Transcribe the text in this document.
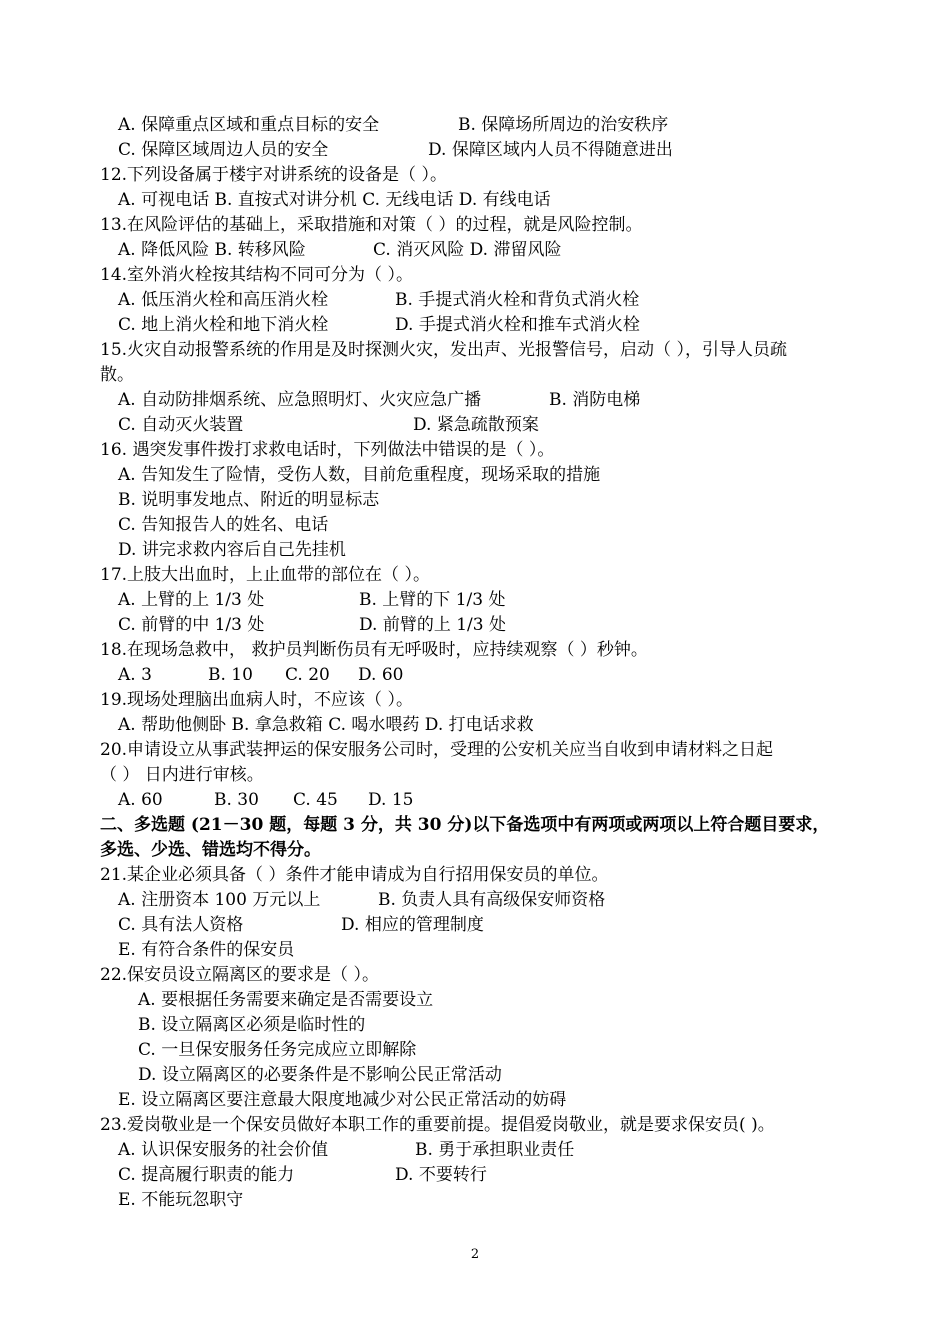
A. 保障重点区域和重点目标的安全	B. 保障场所周边的治安秩序
C. 保障区域周边人员的安全	D. 保障区域内人员不得随意进出
12.下列设备属于楼宇对讲系统的设备是（ ）。
A. 可视电话 B. 直按式对讲分机 C. 无线电话 D. 有线电话
13.在风险评估的基础上，采取措施和对策（ ）的过程，就是风险控制。
A. 降低风险 B. 转移风险	C. 消灭风险 D. 滞留风险
14.室外消火栓按其结构不同可分为（ ）。
A. 低压消火栓和高压消火栓	B. 手提式消火栓和背负式消火栓
C. 地上消火栓和地下消火栓	D. 手提式消火栓和推车式消火栓
15.火灾自动报警系统的作用是及时探测火灾，发出声、光报警信号，启动（ ），引导人员疏
散。
A. 自动防排烟系统、应急照明灯、火灾应急广播	B. 消防电梯
C. 自动灭火装置	D. 紧急疏散预案
16. 遇突发事件拨打求救电话时，下列做法中错误的是（ ）。
A. 告知发生了险情，受伤人数，目前危重程度，现场采取的措施
B. 说明事发地点、附近的明显标志
C. 告知报告人的姓名、电话
D. 讲完求救内容后自己先挂机
17.上肢大出血时，上止血带的部位在（ ）。
A. 上臂的上 1/3 处	B. 上臂的下 1/3 处
C. 前臂的中 1/3 处	D. 前臂的上 1/3 处
18.在现场急救中， 救护员判断伤员有无呼吸时，应持续观察（ ）秒钟。
A. 3	B. 10 C. 20 D. 60
19.现场处理脑出血病人时，不应该（ ）。
A. 帮助他侧卧 B. 拿急救箱 C. 喝水喂药 D. 打电话求救
20.申请设立从事武装押运的保安服务公司时，受理的公安机关应当自收到申请材料之日起
（ ） 日内进行审核。
A. 60	B. 30 C. 45 D. 15
二、多选题 (21－30 题，每题 3 分，共 30 分)以下备选项中有两项或两项以上符合题目要求，
多选、少选、错选均不得分。
21.某企业必须具备（ ）条件才能申请成为自行招用保安员的单位。
A. 注册资本 100 万元以上	B. 负责人具有高级保安师资格
C. 具有法人资格	D. 相应的管理制度
E. 有符合条件的保安员
22.保安员设立隔离区的要求是（ ）。
A. 要根据任务需要来确定是否需要设立
B. 设立隔离区必须是临时性的
C. 一旦保安服务任务完成应立即解除
D. 设立隔离区的必要条件是不影响公民正常活动
E. 设立隔离区要注意最大限度地减少对公民正常活动的妨碍
23.爱岗敬业是一个保安员做好本职工作的重要前提。提倡爱岗敬业，就是要求保安员( )。
A. 认识保安服务的社会价值	B. 勇于承担职业责任
C. 提高履行职责的能力	D. 不要转行
E. 不能玩忽职守
2
